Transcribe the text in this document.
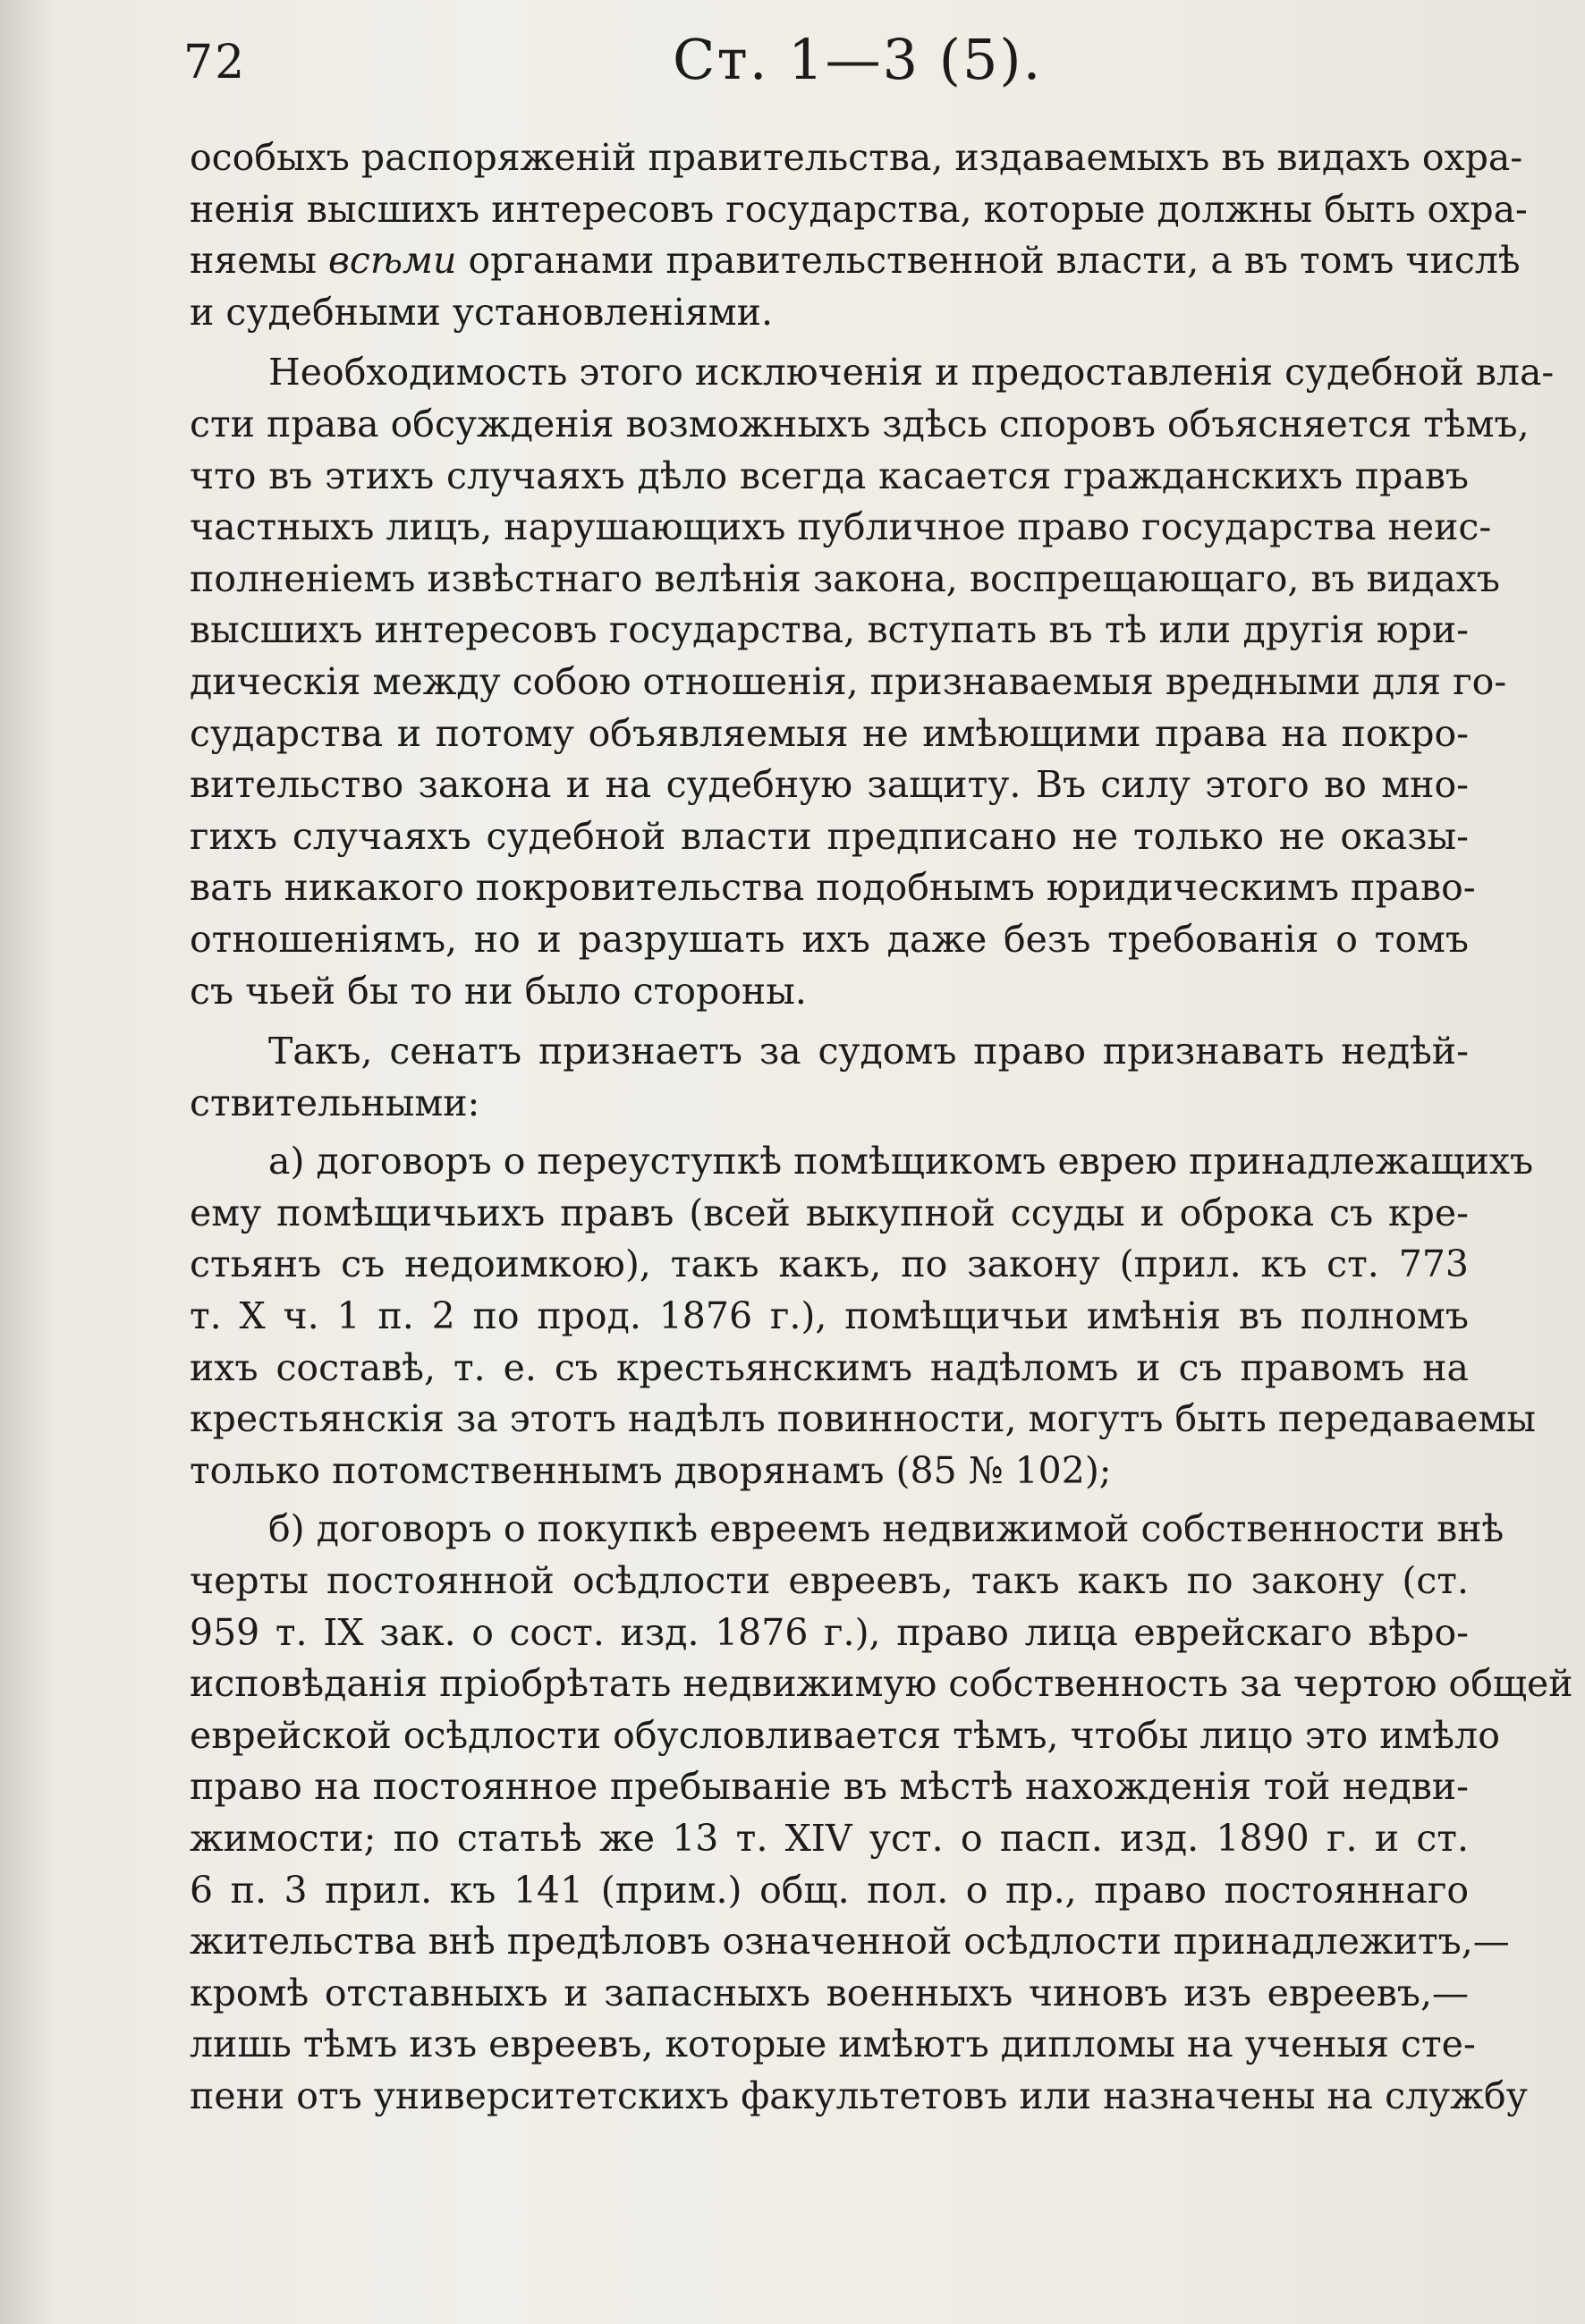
72	Ст. 1—3 (5).
особыхъ распоряженій правительства, издаваемыхъ въ видахъ охра-
ненія высшихъ интересовъ государства, которые должны быть охра-
няемы всѣми органами правительственной власти, а въ томъ числѣ
и судебными установленіями.
Необходимость этого исключенія и предоставленія судебной вла-
сти права обсужденія возможныхъ здѣсь споровъ объясняется тѣмъ,
что въ этихъ случаяхъ дѣло всегда касается гражданскихъ правъ
частныхъ лицъ, нарушающихъ публичное право государства неис-
полненіемъ извѣстнаго велѣнія закона, воспрещающаго, въ видахъ
высшихъ интересовъ государства, вступать въ тѣ или другія юри-
дическія между собою отношенія, признаваемыя вредными для го-
сударства и потому объявляемыя не имѣющими права на покро-
вительство закона и на судебную защиту. Въ силу этого во мно-
гихъ случаяхъ судебной власти предписано не только не оказы-
вать никакого покровительства подобнымъ юридическимъ право-
отношеніямъ, но и разрушать ихъ даже безъ требованія о томъ
съ чьей бы то ни было стороны.
Такъ, сенатъ признаетъ за судомъ право признавать недѣй-
ствительными:
а) договоръ о переуступкѣ помѣщикомъ еврею принадлежащихъ
ему помѣщичьихъ правъ (всей выкупной ссуды и оброка съ кре-
стьянъ съ недоимкою), такъ какъ, по закону (прил. къ ст. 773
т. X ч. 1 п. 2 по прод. 1876 г.), помѣщичьи имѣнія въ полномъ
ихъ составѣ, т. е. съ крестьянскимъ надѣломъ и съ правомъ на
крестьянскія за этотъ надѣлъ повинности, могутъ быть передаваемы
только потомственнымъ дворянамъ (85 № 102);
б) договоръ о покупкѣ евреемъ недвижимой собственности внѣ
черты постоянной осѣдлости евреевъ, такъ какъ по закону (ст.
959 т. IX зак. о сост. изд. 1876 г.), право лица еврейскаго вѣро-
исповѣданія пріобрѣтать недвижимую собственность за чертою общей
еврейской осѣдлости обусловливается тѣмъ, чтобы лицо это имѣло
право на постоянное пребываніе въ мѣстѣ нахожденія той недви-
жимости; по статьѣ же 13 т. XIV уст. о пасп. изд. 1890 г. и ст.
6 п. 3 прил. къ 141 (прим.) общ. пол. о пр., право постояннаго
жительства внѣ предѣловъ означенной осѣдлости принадлежитъ,—
кромѣ отставныхъ и запасныхъ военныхъ чиновъ изъ евреевъ,—
лишь тѣмъ изъ евреевъ, которые имѣютъ дипломы на ученыя сте-
пени отъ университетскихъ факультетовъ или назначены на службу
